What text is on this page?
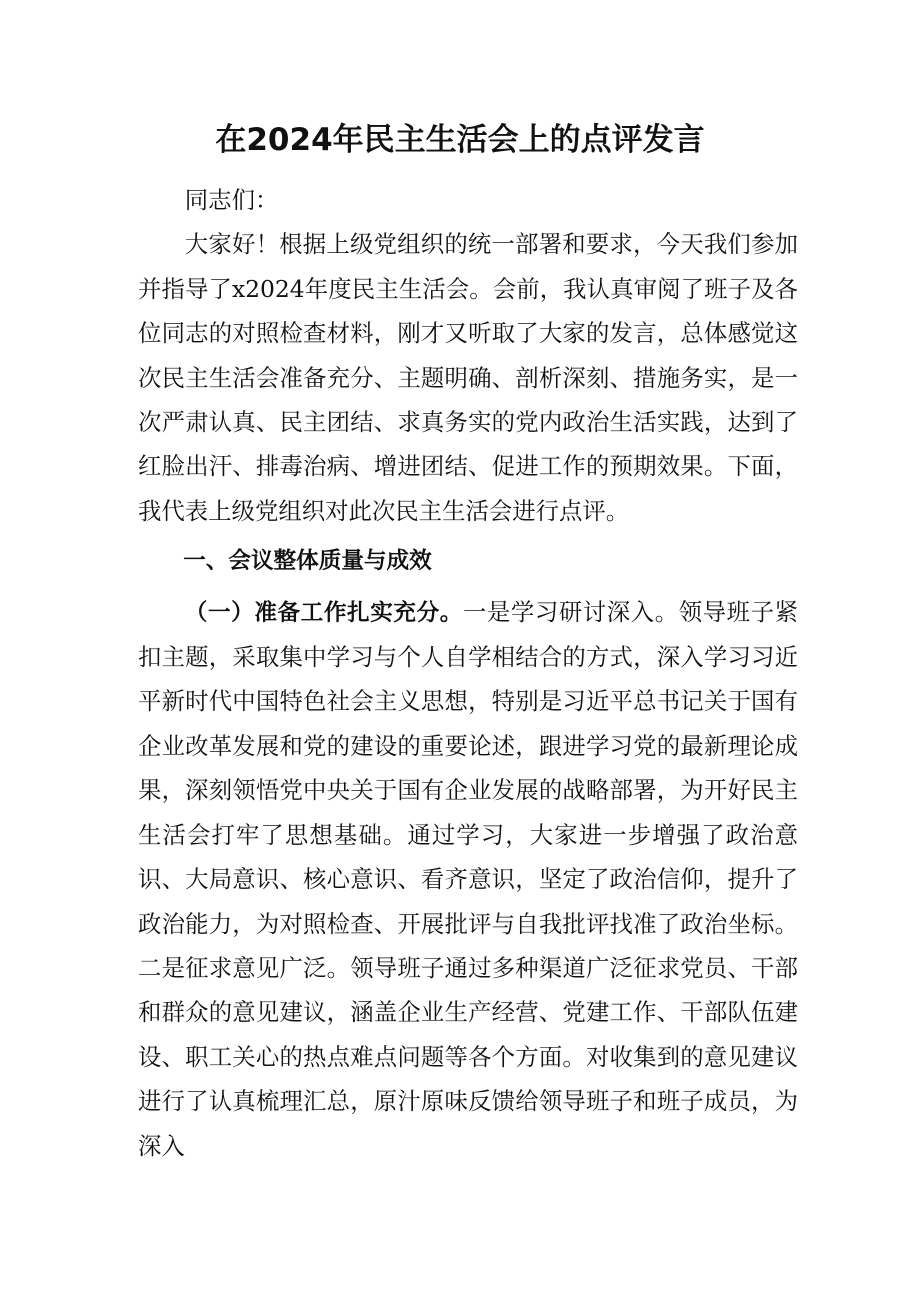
在2024年民主生活会上的点评发言

同志们：

大家好！根据上级党组织的统一部署和要求，今天我们参加并指导了x2024年度民主生活会。会前，我认真审阅了班子及各位同志的对照检查材料，刚才又听取了大家的发言，总体感觉这次民主生活会准备充分、主题明确、剖析深刻、措施务实，是一次严肃认真、民主团结、求真务实的党内政治生活实践，达到了红脸出汗、排毒治病、增进团结、促进工作的预期效果。下面，我代表上级党组织对此次民主生活会进行点评。

一、会议整体质量与成效

（一）准备工作扎实充分。一是学习研讨深入。领导班子紧扣主题，采取集中学习与个人自学相结合的方式，深入学习习近平新时代中国特色社会主义思想，特别是习近平总书记关于国有企业改革发展和党的建设的重要论述，跟进学习党的最新理论成果，深刻领悟党中央关于国有企业发展的战略部署，为开好民主生活会打牢了思想基础。通过学习，大家进一步增强了政治意识、大局意识、核心意识、看齐意识，坚定了政治信仰，提升了政治能力，为对照检查、开展批评与自我批评找准了政治坐标。二是征求意见广泛。领导班子通过多种渠道广泛征求党员、干部和群众的意见建议，涵盖企业生产经营、党建工作、干部队伍建设、职工关心的热点难点问题等各个方面。对收集到的意见建议进行了认真梳理汇总，原汁原味反馈给领导班子和班子成员，为深入
